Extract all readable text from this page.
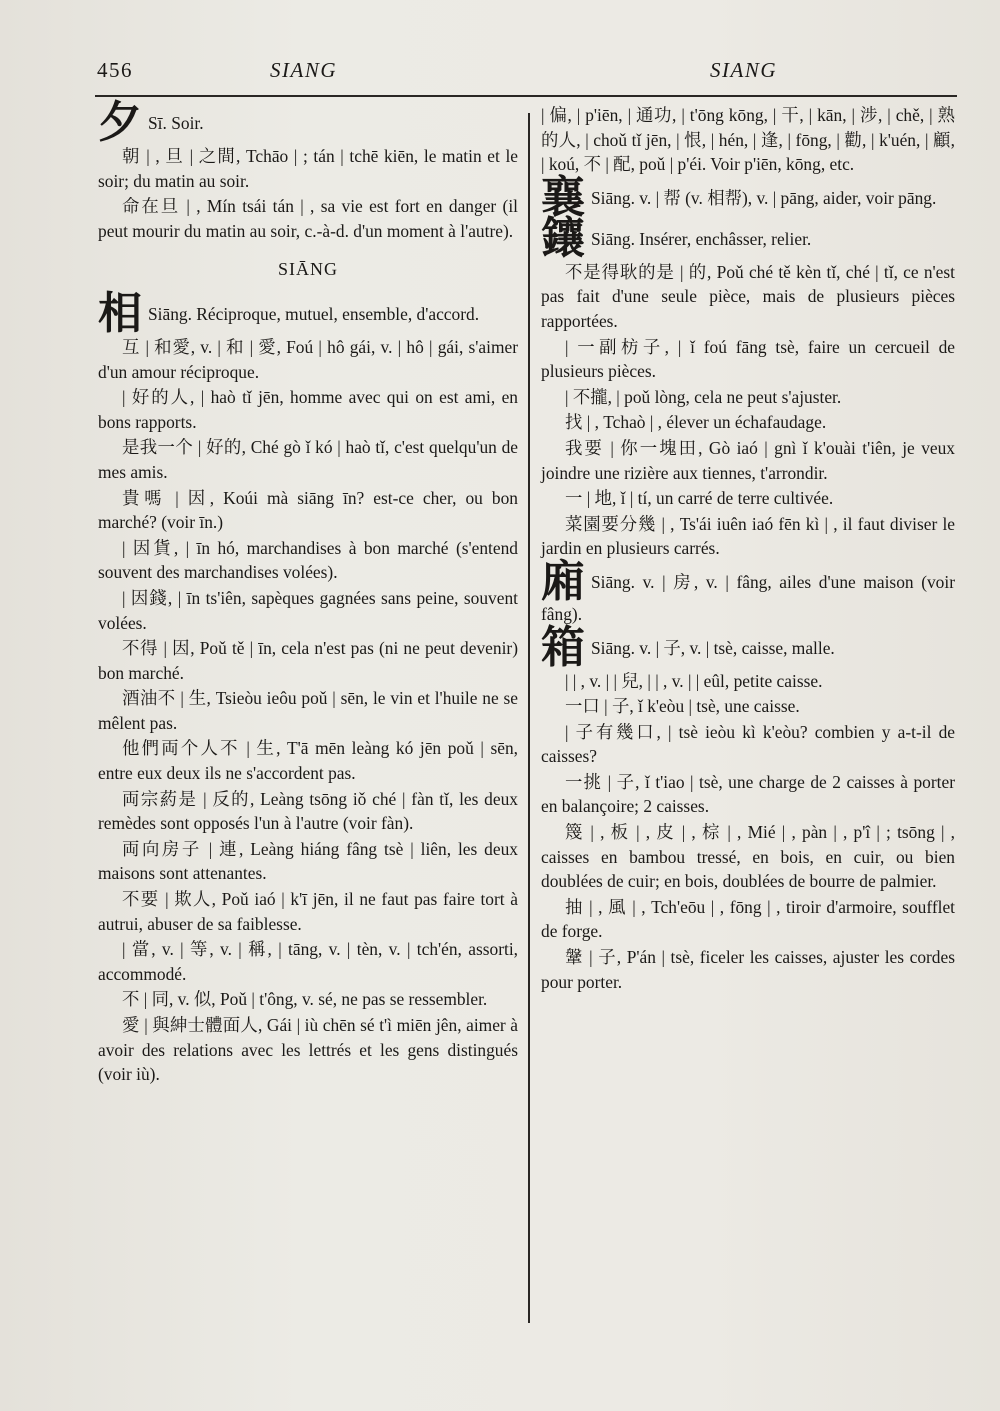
456	SIANG	SIANG

夕 Sī. Soir.

朝 | , 旦 | 之間, Tchāo | ; tán | tchē kiēn, le matin et le soir; du matin au soir.

命在旦 | , Mín tsái tán | , sa vie est fort en danger (il peut mourir du matin au soir, c.-à-d. d'un moment à l'autre).

SIĀNG

相 Siāng. Réciproque, mutuel, ensemble, d'accord.

互 | 和愛, v. | 和 | 愛, Foú | hô gái, v. | hô | gái, s'aimer d'un amour réciproque.

| 好的人, | haò tǐ jēn, homme avec qui on est ami, en bons rapports.

是我一个 | 好的, Ché gò ǐ kó | haò tǐ, c'est quelqu'un de mes amis.

貴嗎 | 因, Koúi mà siāng īn? est-ce cher, ou bon marché? (voir īn.)

| 因貨, | īn hó, marchandises à bon marché (s'entend souvent des marchandises volées).

| 因錢, | īn ts'iên, sapèques gagnées sans peine, souvent volées.

不得 | 因, Poǔ tě | īn, cela n'est pas (ni ne peut devenir) bon marché.

酒油不 | 生, Tsieòu ieôu poǔ | sēn, le vin et l'huile ne se mêlent pas.

他們両个人不 | 生, T'ā mēn leàng kó jēn poǔ | sēn, entre eux deux ils ne s'accordent pas.

両宗葯是 | 反的, Leàng tsōng iǒ ché | fàn tǐ, les deux remèdes sont opposés l'un à l'autre (voir fàn).

両向房子 | 連, Leàng hiáng fâng tsè | liên, les deux maisons sont attenantes.

不要 | 欺人, Poǔ iaó | k'ī jēn, il ne faut pas faire tort à autrui, abuser de sa faiblesse.

| 當, v. | 等, v. | 稱, | tāng, v. | tèn, v. | tch'én, assorti, accommodé.

不 | 同, v. 似, Poǔ | t'ông, v. sé, ne pas se ressembler.

愛 | 與紳士體面人, Gái | iù chēn sé t'ì miēn jên, aimer à avoir des relations avec les lettrés et les gens distingués (voir iù).

| 偏, | p'iēn, | 通功, | t'ōng kōng, | 干, | kān, | 涉, | chě, | 熟的人, | choǔ tǐ jēn, | 恨, | hén, | 逢, | fōng, | 勸, | k'uén, | 顧, | koú, 不 | 配, poǔ | p'éi. Voir p'iēn, kōng, etc.

襄 Siāng. v. | 帮 (v. 相帮), v. | pāng, aider, voir pāng.

鑲 Siāng. Insérer, enchâsser, relier.

不是得耿的是 | 的, Poǔ ché tě kèn tǐ, ché | tǐ, ce n'est pas fait d'une seule pièce, mais de plusieurs pièces rapportées.

| 一副枋子, | ǐ foú fāng tsè, faire un cercueil de plusieurs pièces.

| 不攏, | poǔ lòng, cela ne peut s'ajuster.

找 | , Tchaò | , élever un échafaudage.

我要 | 你一塊田, Gò iaó | gnì ǐ k'ouài t'iên, je veux joindre une rizière aux tiennes, t'arrondir.

一 | 地, ǐ | tí, un carré de terre cultivée.

菜園要分幾 | , Ts'ái iuên iaó fēn kì | , il faut diviser le jardin en plusieurs carrés.

廂 Siāng. v. | 房, v. | fâng, ailes d'une maison (voir fâng).

箱 Siāng. v. | 子, v. | tsè, caisse, malle.

| | , v. | | 兒, | | , v. | | eûl, petite caisse.

一口 | 子, ǐ k'eòu | tsè, une caisse.

| 子有幾口, | tsè ieòu kì k'eòu? combien y a-t-il de caisses?

一挑 | 子, ǐ t'iao | tsè, une charge de 2 caisses à porter en balançoire; 2 caisses.

篾 | , 板 | , 皮 | , 棕 | , Mié | , pàn | , p'î | ; tsōng | , caisses en bambou tressé, en bois, en cuir, ou bien doublées de cuir; en bois, doublées de bourre de palmier.

抽 | , 風 | , Tch'eōu | , fōng | , tiroir d'armoire, soufflet de forge.

鞶 | 子, P'án | tsè, ficeler les caisses, ajuster les cordes pour porter.
